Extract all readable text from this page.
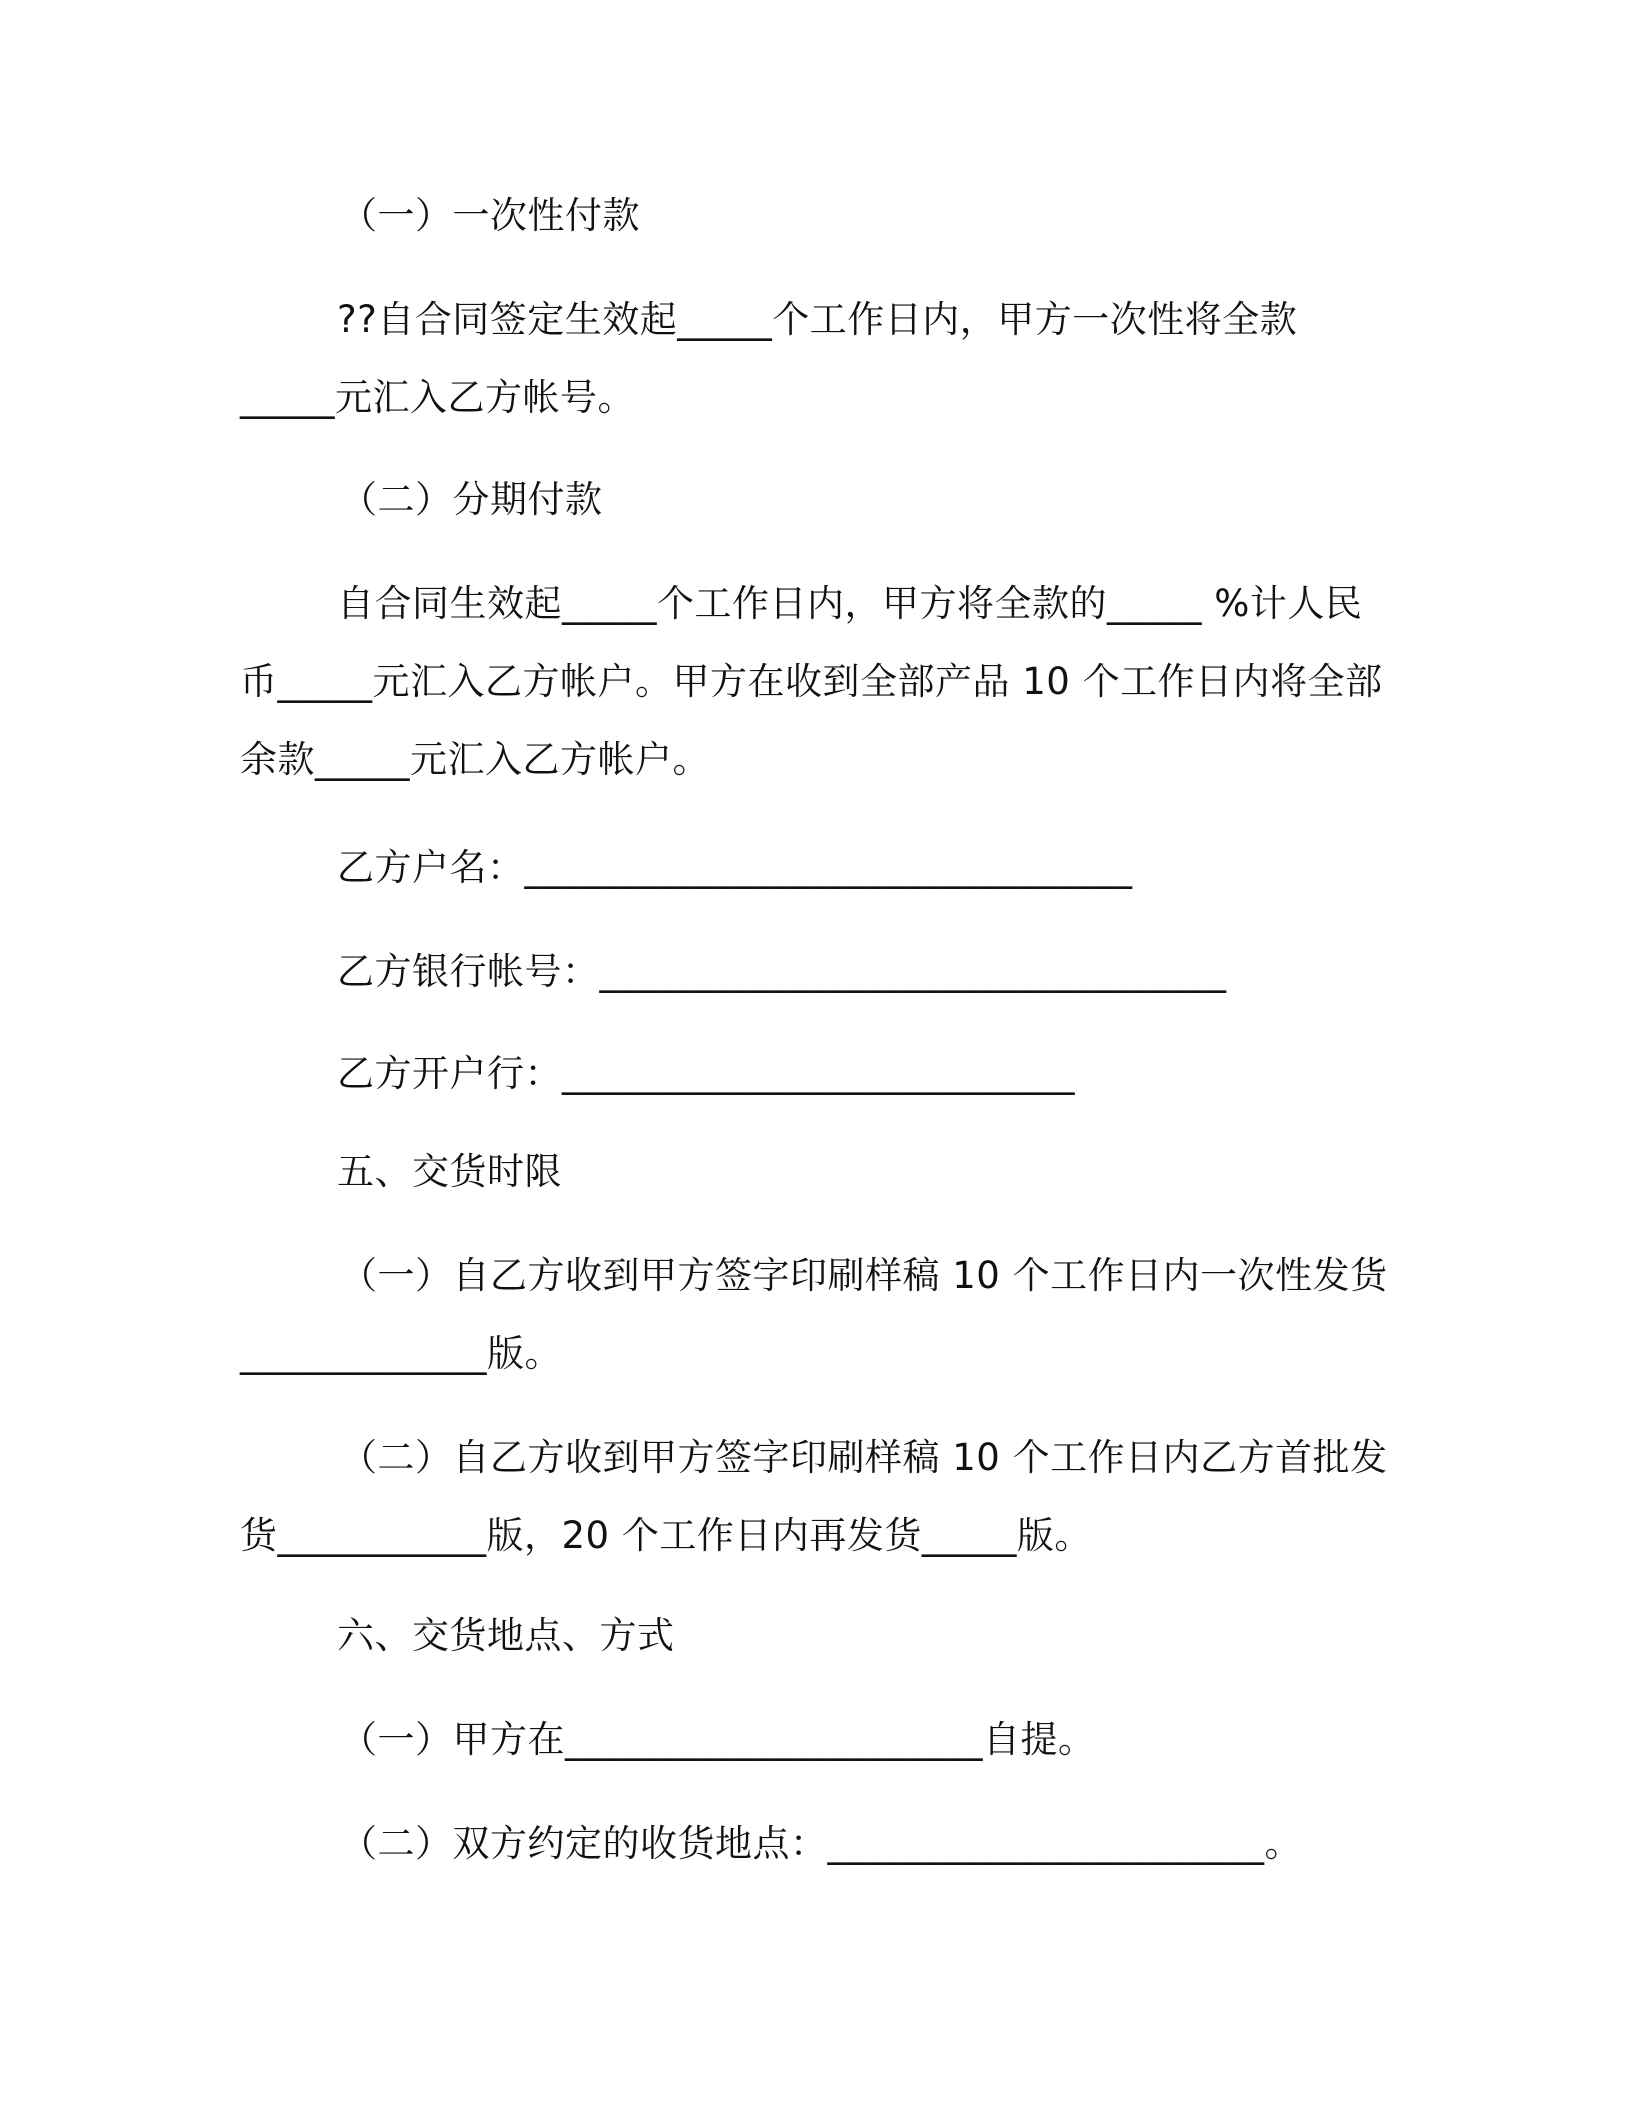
（一）一次性付款
??自合同签定生效起_____个工作日内，甲方一次性将全款
_____元汇入乙方帐号。
（二）分期付款
自合同生效起_____个工作日内，甲方将全款的_____ %计人民
币_____元汇入乙方帐户。甲方在收到全部产品 10 个工作日内将全部
余款_____元汇入乙方帐户。
乙方户名：________________________________
乙方银行帐号：_________________________________
乙方开户行：___________________________
五、交货时限
（一）自乙方收到甲方签字印刷样稿 10 个工作日内一次性发货
_____________版。
（二）自乙方收到甲方签字印刷样稿 10 个工作日内乙方首批发
货___________版，20 个工作日内再发货_____版。
六、交货地点、方式
（一）甲方在______________________自提。
（二）双方约定的收货地点：_______________________。
